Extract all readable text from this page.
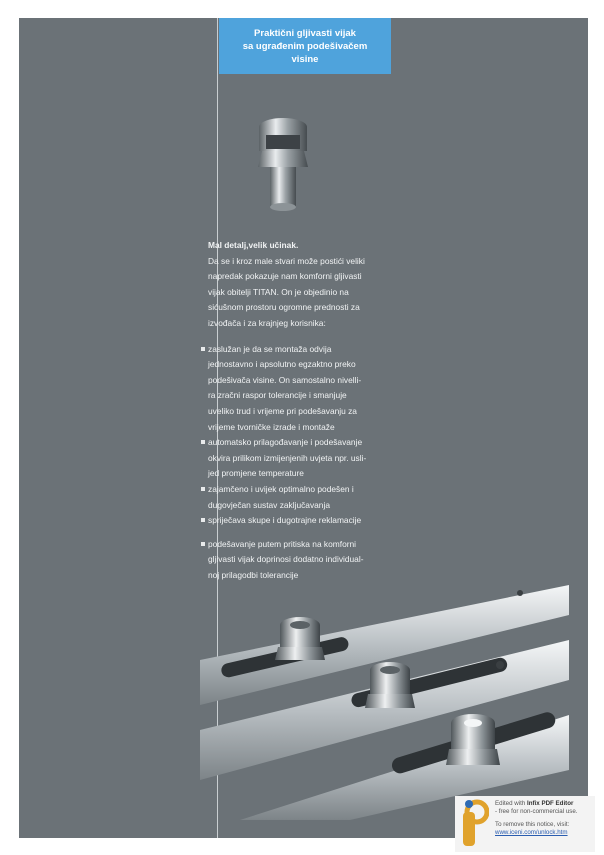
Praktični gljivasti vijak
sa ugrađenim podešivačem
visine
Mal detalj,velik učinak.
Da se i kroz male stvari može postići veliki
napredak pokazuje nam komforni gljivasti
vijak obitelji TITAN. On je objedinio na
sićušnom prostoru ogromne prednosti za
izvođača i za krajnjeg korisnika:
zaslužan je da se montaža odvija
jednostavno i apsolutno egzaktno preko
podešivača visine. On samostalno nivelli-
ra zračni raspor tolerancije i smanjuje
uveliko trud i vrijeme pri podešavanju za
vrijeme tvorničke izrade i montaže
automatsko prilagođavanje i podešavanje
okvira prilikom izmijenjenih uvjeta npr. usli-
jed promjene temperature
zajamčeno i uvijek optimalno podešen i
dugovječan sustav zaključavanja
spriječava skupe i dugotrajne reklamacije
podešavanje putem pritiska na komforni
gljivasti vijak doprinosi dodatno individual-
noj prilagodbi tolerancije
Edited with Infix PDF Editor
- free for non-commercial use.
To remove this notice, visit:
www.iceni.com/unlock.htm
